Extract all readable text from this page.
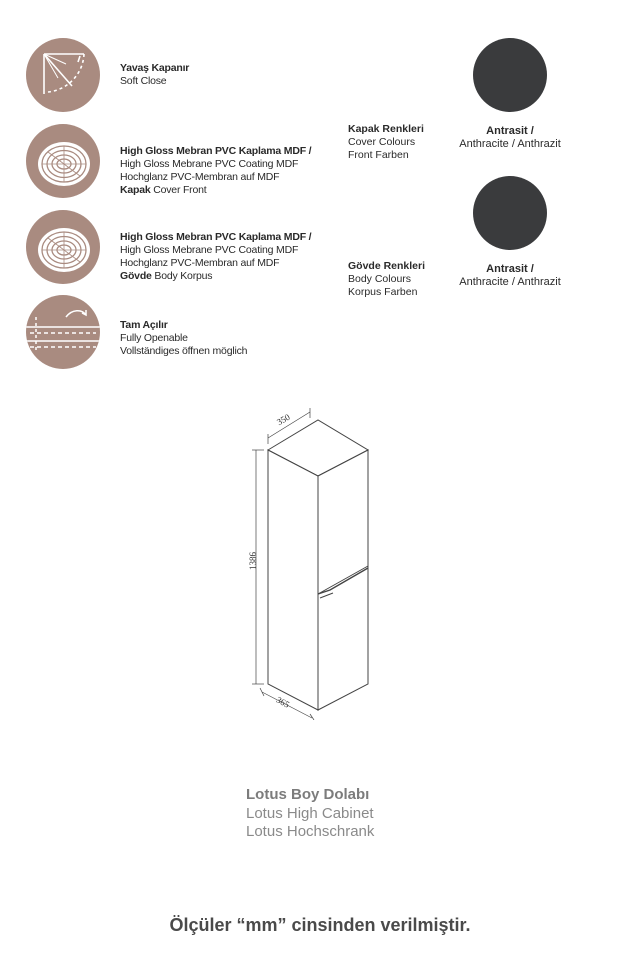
Yavaş Kapanır
Soft Close
High Gloss Mebran PVC Kaplama MDF /
High Gloss Mebrane PVC Coating MDF
Hochglanz PVC-Membran auf MDF
Kapak Cover Front
High Gloss Mebran PVC Kaplama MDF /
High Gloss Mebrane PVC Coating MDF
Hochglanz PVC-Membran auf MDF
Gövde Body Korpus
Tam Açılır
Fully Openable
Vollständiges öffnen möglich
Kapak Renkleri
Cover Colours
Front Farben
Antrasit /
Anthracite / Anthrazit
Gövde Renkleri
Body Colours
Korpus Farben
Antrasit /
Anthracite / Anthrazit
350
1386
365
Lotus Boy Dolabı
Lotus High Cabinet
Lotus Hochschrank
Ölçüler “mm” cinsinden verilmiştir.
